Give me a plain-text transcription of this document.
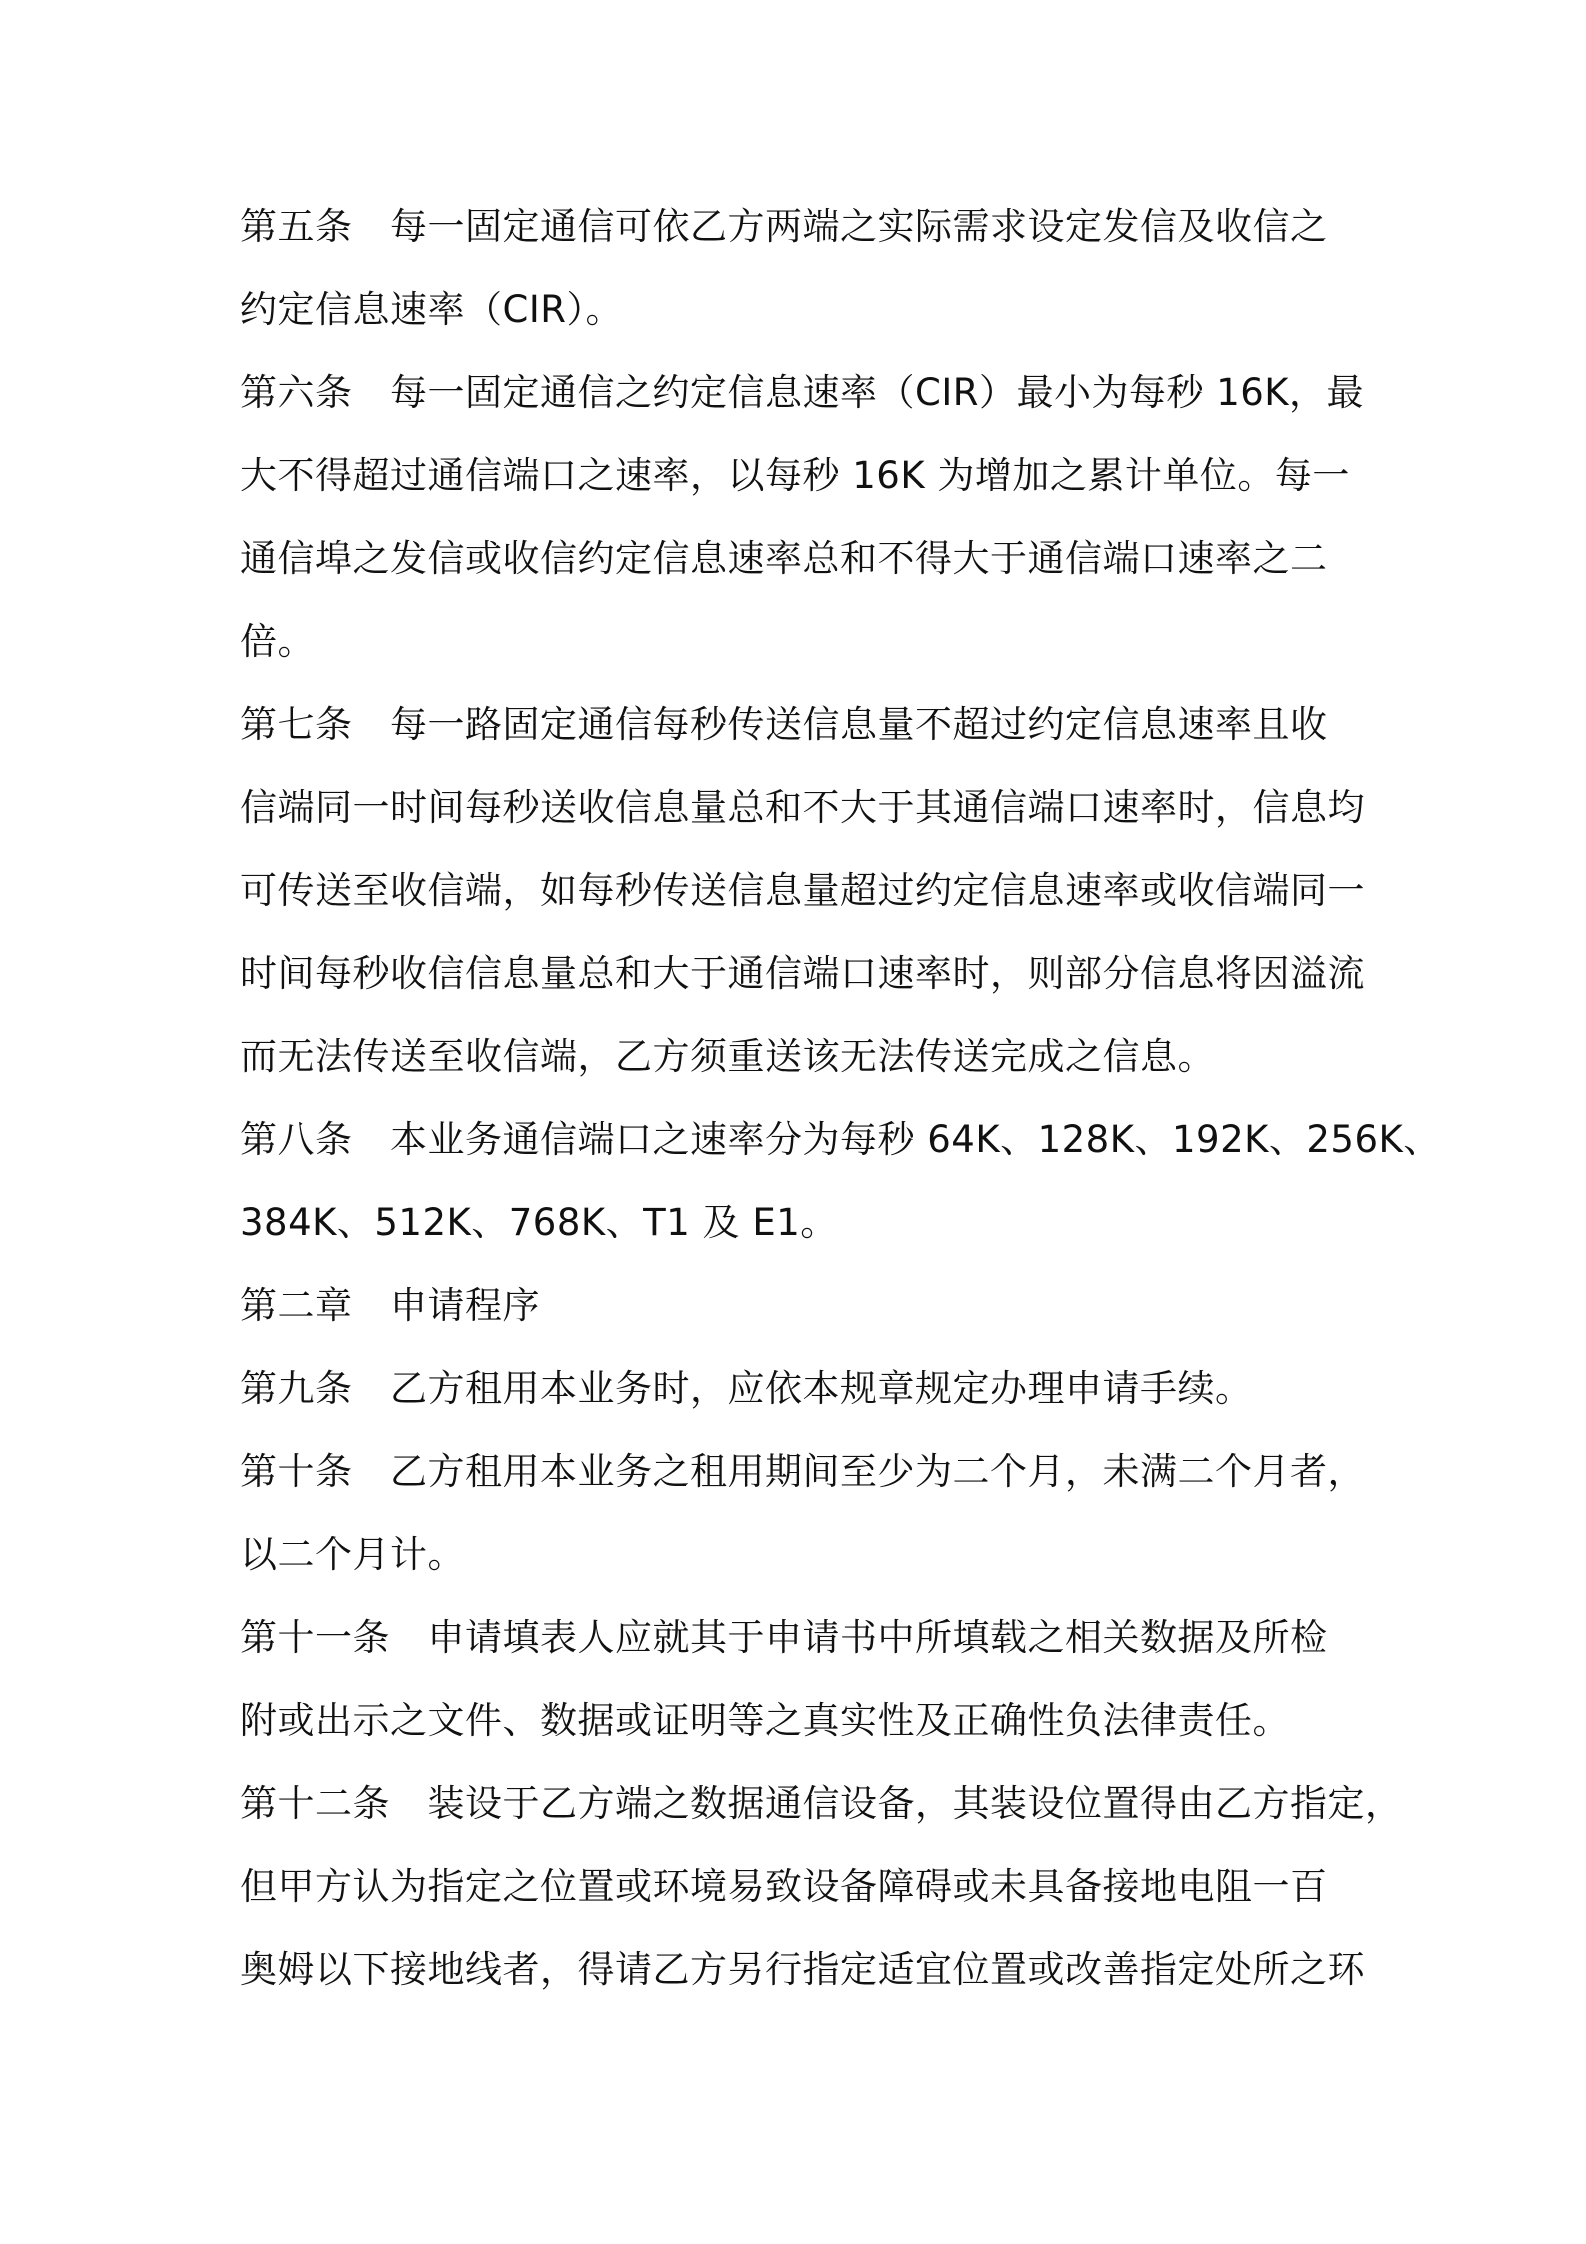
第五条　每一固定通信可依乙方两端之实际需求设定发信及收信之
约定信息速率（CIR）。
第六条　每一固定通信之约定信息速率（CIR）最小为每秒 16K，最
大不得超过通信端口之速率，以每秒 16K 为增加之累计单位。每一
通信埠之发信或收信约定信息速率总和不得大于通信端口速率之二
倍。
第七条　每一路固定通信每秒传送信息量不超过约定信息速率且收
信端同一时间每秒送收信息量总和不大于其通信端口速率时，信息均
可传送至收信端，如每秒传送信息量超过约定信息速率或收信端同一
时间每秒收信信息量总和大于通信端口速率时，则部分信息将因溢流
而无法传送至收信端，乙方须重送该无法传送完成之信息。
第八条　本业务通信端口之速率分为每秒 64K、128K、192K、256K、
384K、512K、768K、T1 及 E1。
第二章　申请程序
第九条　乙方租用本业务时，应依本规章规定办理申请手续。
第十条　乙方租用本业务之租用期间至少为二个月，未满二个月者，
以二个月计。
第十一条　申请填表人应就其于申请书中所填载之相关数据及所检
附或出示之文件、数据或证明等之真实性及正确性负法律责任。
第十二条　装设于乙方端之数据通信设备，其装设位置得由乙方指定，
但甲方认为指定之位置或环境易致设备障碍或未具备接地电阻一百
奥姆以下接地线者，得请乙方另行指定适宜位置或改善指定处所之环
